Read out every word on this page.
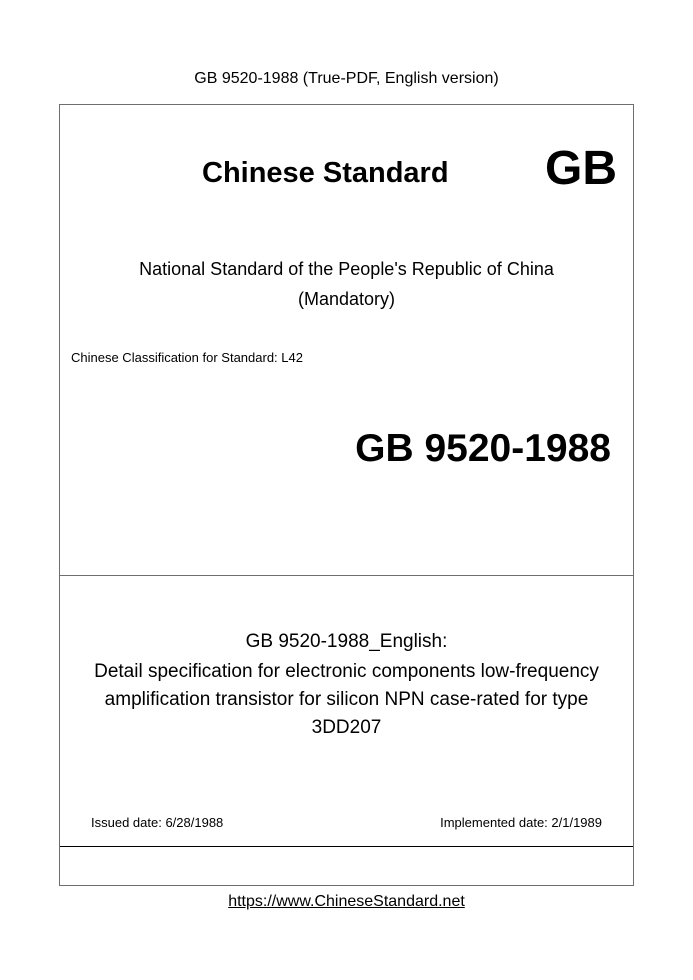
GB 9520-1988 (True-PDF, English version)
Chinese Standard GB
National Standard of the People's Republic of China
(Mandatory)
Chinese Classification for Standard: L42
GB 9520-1988
GB 9520-1988_English:
Detail specification for electronic components low-frequency
amplification transistor for silicon NPN case-rated for type
3DD207
Issued date: 6/28/1988	Implemented date: 2/1/1989
https://www.ChineseStandard.net
